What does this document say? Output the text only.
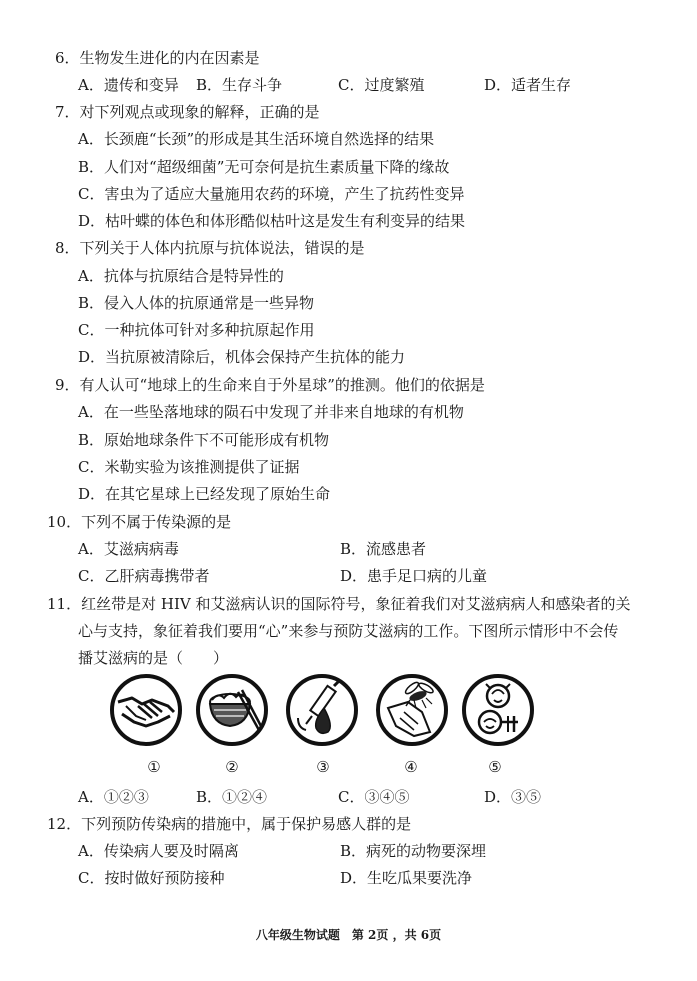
6．生物发生进化的内在因素是
A．遗传和变异 B．生存斗争	C．过度繁殖	D．适者生存
7．对下列观点或现象的解释，正确的是
A．长颈鹿“长颈”的形成是其生活环境自然选择的结果
B．人们对“超级细菌”无可奈何是抗生素质量下降的缘故
C．害虫为了适应大量施用农药的环境，产生了抗药性变异
D．枯叶蝶的体色和体形酷似枯叶这是发生有利变异的结果
8．下列关于人体内抗原与抗体说法，错误的是
A．抗体与抗原结合是特异性的
B．侵入人体的抗原通常是一些异物
C．一种抗体可针对多种抗原起作用
D．当抗原被清除后，机体会保持产生抗体的能力
9．有人认可“地球上的生命来自于外星球”的推测。他们的依据是
A．在一些坠落地球的陨石中发现了并非来自地球的有机物
B．原始地球条件下不可能形成有机物
C．米勒实验为该推测提供了证据
D．在其它星球上已经发现了原始生命
10．下列不属于传染源的是
A．艾滋病病毒	B．流感患者
C．乙肝病毒携带者	D．患手足口病的儿童
11．红丝带是对 HIV 和艾滋病认识的国际符号，象征着我们对艾滋病病人和感染者的关
心与支持，象征着我们要用“心”来参与预防艾滋病的工作。下图所示情形中不会传
播艾滋病的是（　　）
①	②	③	④	⑤
A．①②③	B．①②④	C．③④⑤	D．③⑤
12．下列预防传染病的措施中，属于保护易感人群的是
A．传染病人要及时隔离	B．病死的动物要深埋
C．按时做好预防接种	D．生吃瓜果要洗净
八年级生物试题　第 2页 ，共 6页
